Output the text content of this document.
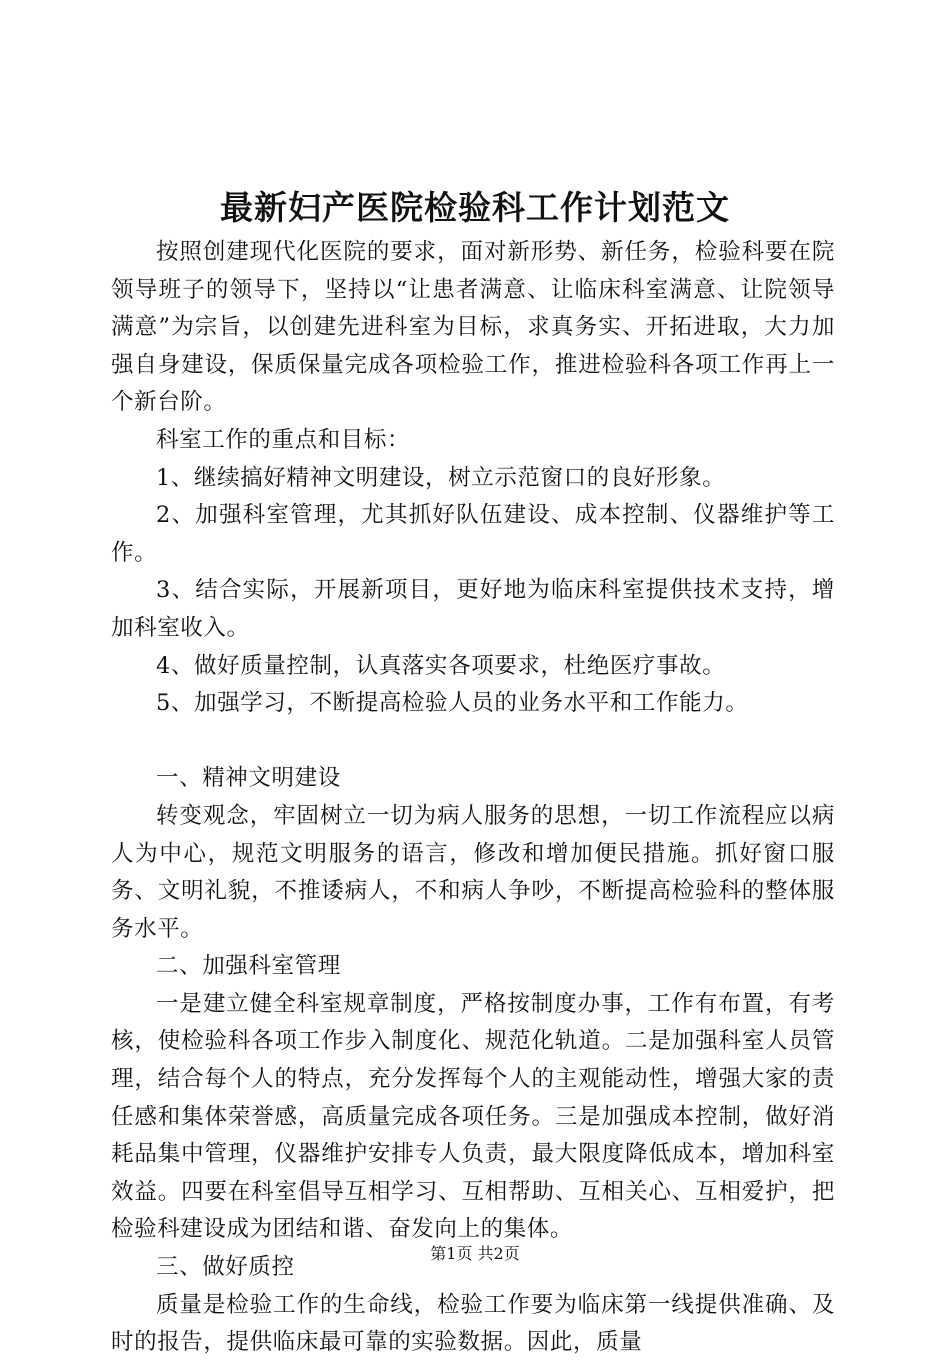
最新妇产医院检验科工作计划范文

按照创建现代化医院的要求，面对新形势、新任务，检验科要在院领导班子的领导下，坚持以“让患者满意、让临床科室满意、让院领导满意”为宗旨，以创建先进科室为目标，求真务实、开拓进取，大力加强自身建设，保质保量完成各项检验工作，推进检验科各项工作再上一个新台阶。

科室工作的重点和目标：

1、继续搞好精神文明建设，树立示范窗口的良好形象。

2、加强科室管理，尤其抓好队伍建设、成本控制、仪器维护等工作。

3、结合实际，开展新项目，更好地为临床科室提供技术支持，增加科室收入。

4、做好质量控制，认真落实各项要求，杜绝医疗事故。

5、加强学习，不断提高检验人员的业务水平和工作能力。

一、精神文明建设

转变观念，牢固树立一切为病人服务的思想，一切工作流程应以病人为中心，规范文明服务的语言，修改和增加便民措施。抓好窗口服务、文明礼貌，不推诿病人，不和病人争吵，不断提高检验科的整体服务水平。

二、加强科室管理

一是建立健全科室规章制度，严格按制度办事，工作有布置，有考核，使检验科各项工作步入制度化、规范化轨道。二是加强科室人员管理，结合每个人的特点，充分发挥每个人的主观能动性，增强大家的责任感和集体荣誉感，高质量完成各项任务。三是加强成本控制，做好消耗品集中管理，仪器维护安排专人负责，最大限度降低成本，增加科室效益。四要在科室倡导互相学习、互相帮助、互相关心、互相爱护，把检验科建设成为团结和谐、奋发向上的集体。

三、做好质控

质量是检验工作的生命线，检验工作要为临床第一线提供准确、及时的报告，提供临床最可靠的实验数据。因此，质量

第1页 共2页
